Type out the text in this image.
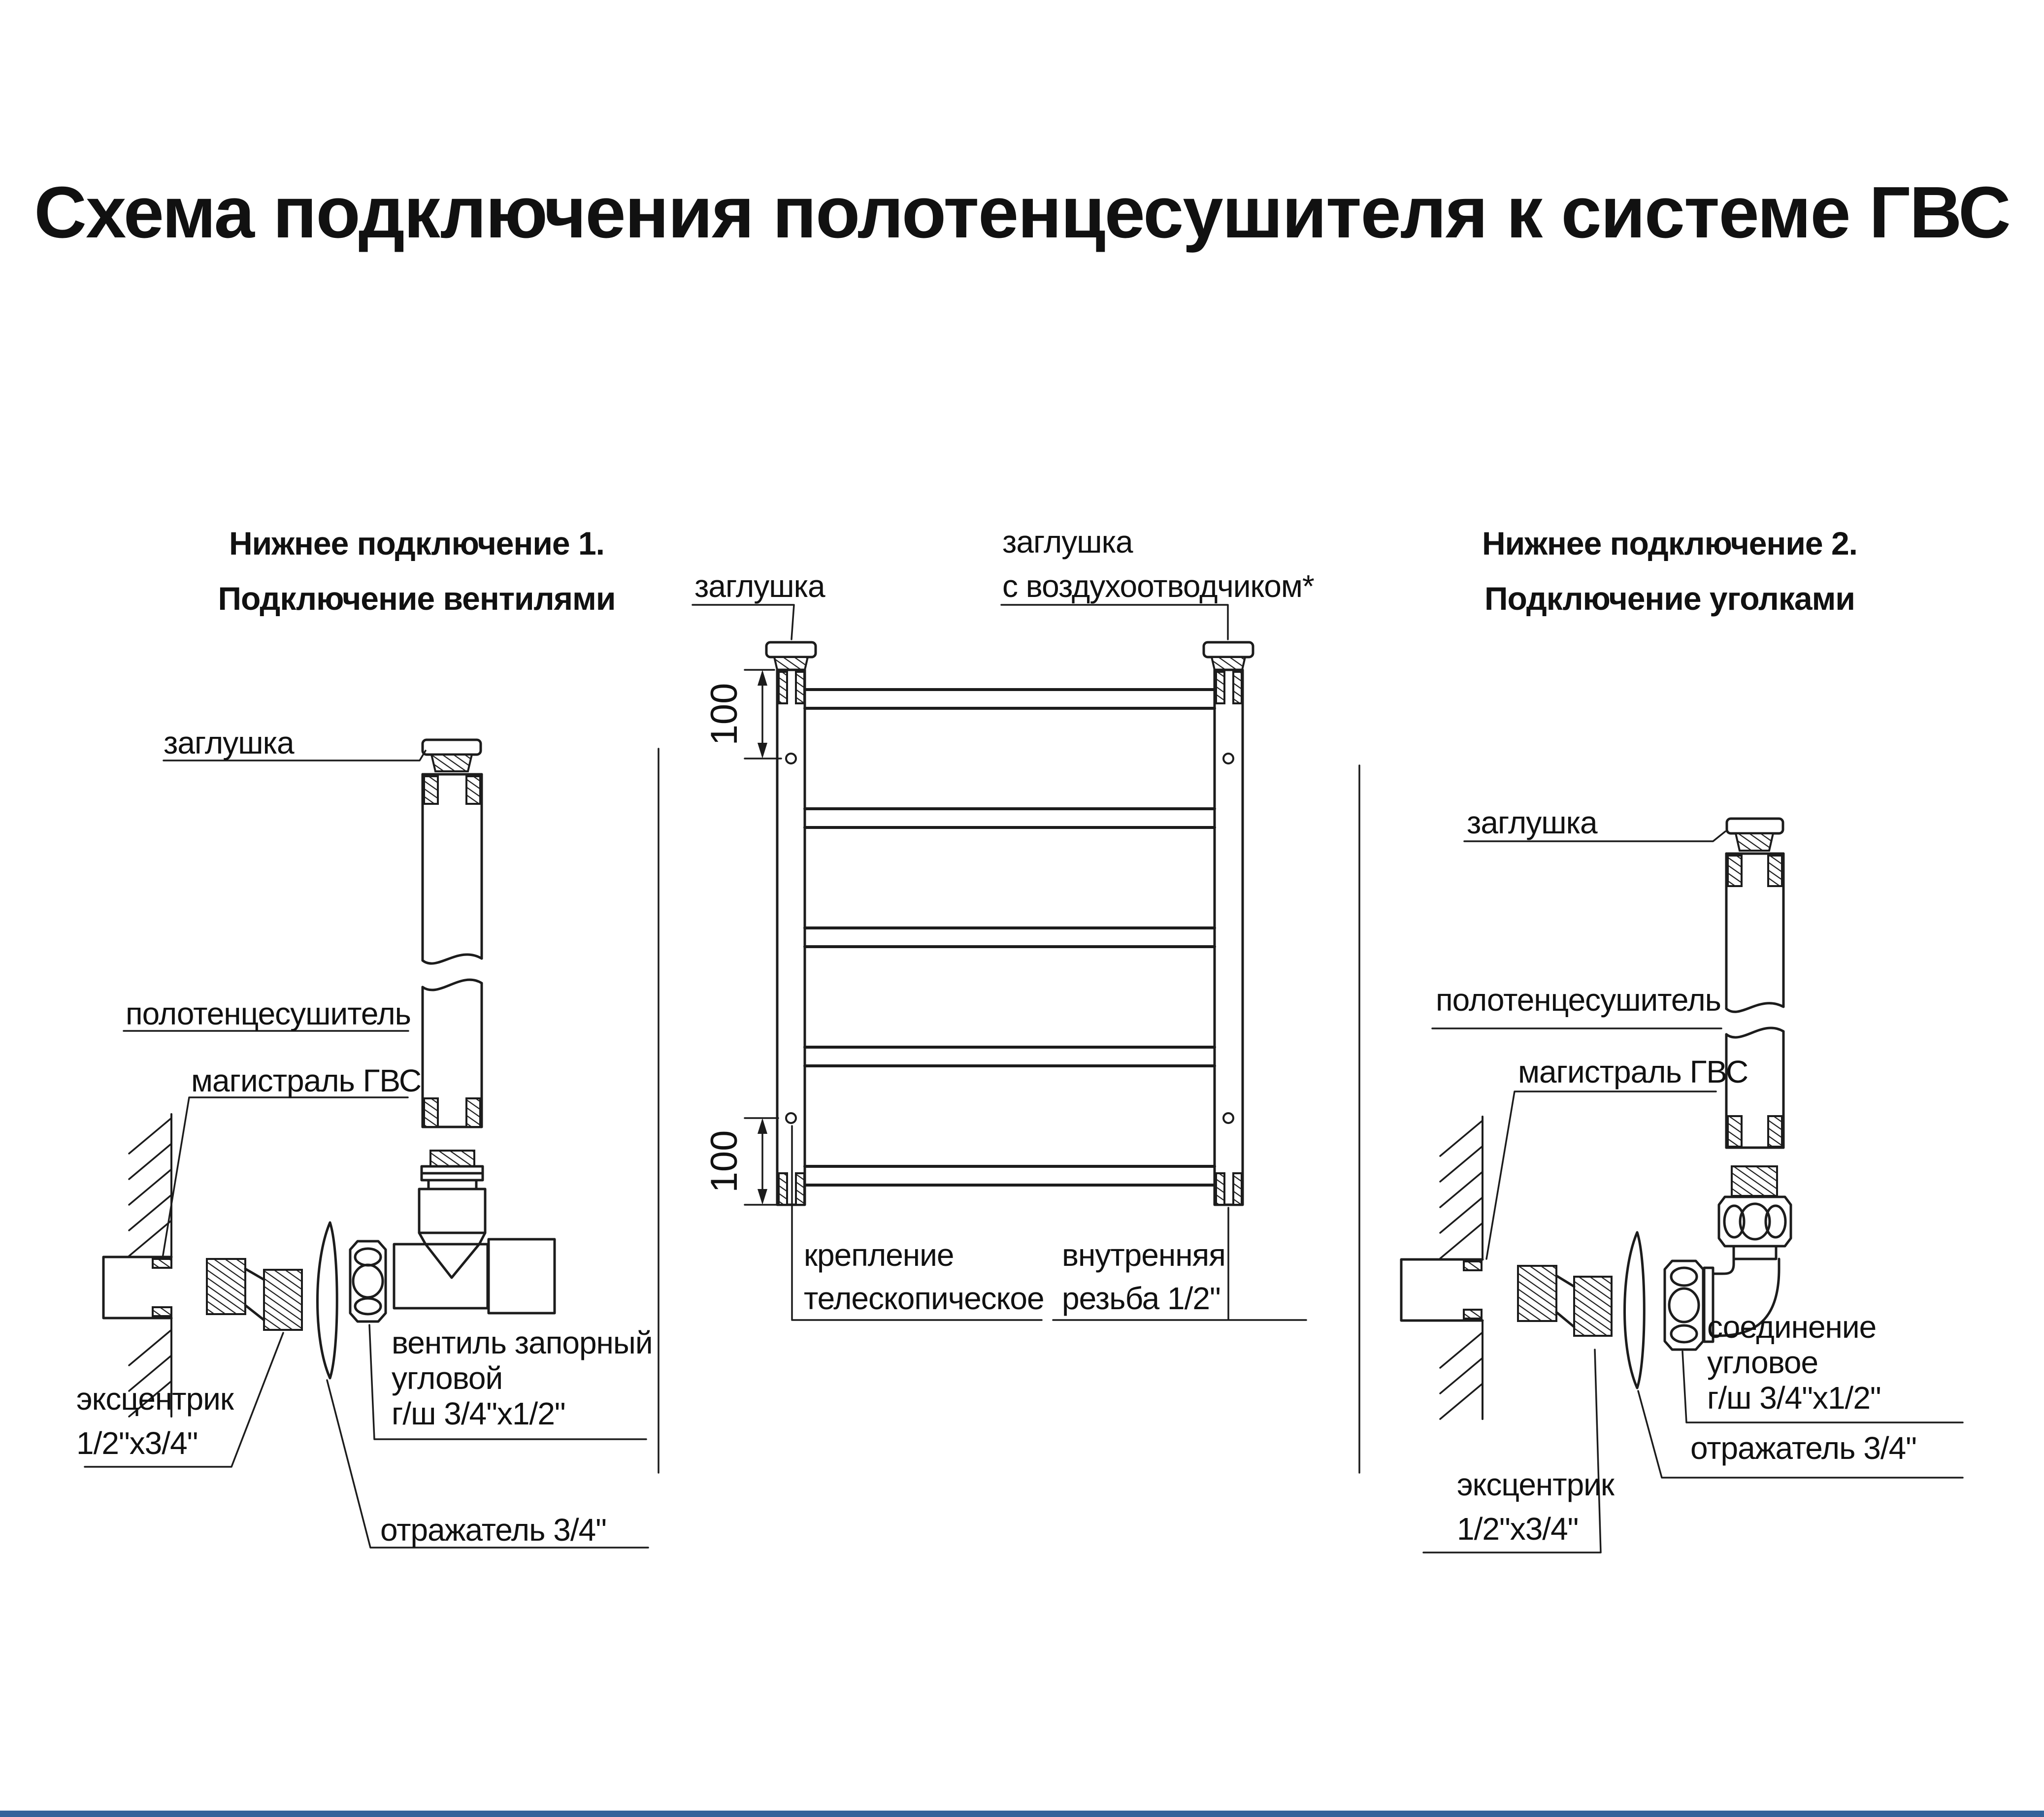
Схема подключения полотенцесушителя к системе ГВС
Нижнее подключение 1.
Подключение вентилями
Нижнее подключение 2.
Подключение уголками
заглушка
полотенцесушитель
магистраль ГВС
эксцентрик
1/2"х3/4"
вентиль запорный
угловой
г/ш 3/4"х1/2"
отражатель 3/4"
100
100
заглушка
заглушка
с воздухоотводчиком*
крепление
телескопическое
внутренняя
резьба 1/2"
заглушка
полотенцесушитель
магистраль ГВС
эксцентрик
1/2"х3/4"
соединение
угловое
г/ш 3/4"х1/2"
отражатель 3/4"
